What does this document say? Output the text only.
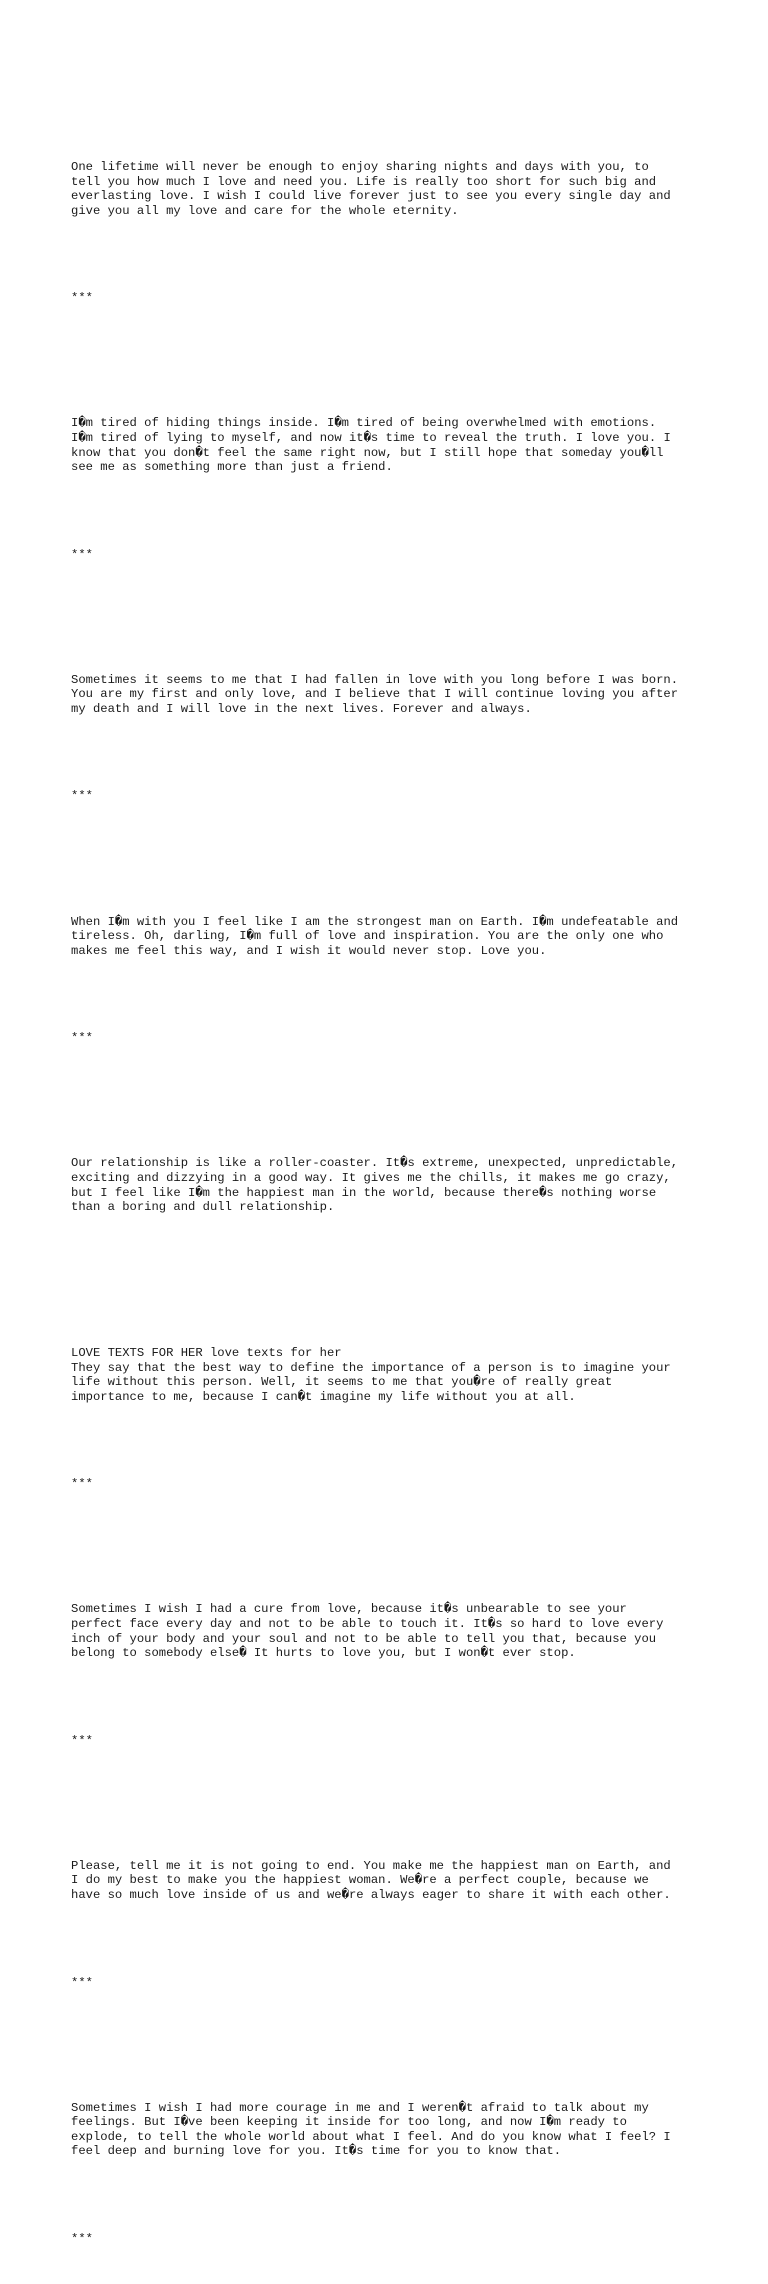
One lifetime will never be enough to enjoy sharing nights and days with you, to
tell you how much I love and need you. Life is really too short for such big and
everlasting love. I wish I could live forever just to see you every single day and
give you all my love and care for the whole eternity.

***

I�m tired of hiding things inside. I�m tired of being overwhelmed with emotions.
I�m tired of lying to myself, and now it�s time to reveal the truth. I love you. I
know that you don�t feel the same right now, but I still hope that someday you�ll
see me as something more than just a friend.

***

Sometimes it seems to me that I had fallen in love with you long before I was born.
You are my first and only love, and I believe that I will continue loving you after
my death and I will love in the next lives. Forever and always.

***

When I�m with you I feel like I am the strongest man on Earth. I�m undefeatable and
tireless. Oh, darling, I�m full of love and inspiration. You are the only one who
makes me feel this way, and I wish it would never stop. Love you.

***

Our relationship is like a roller-coaster. It�s extreme, unexpected, unpredictable,
exciting and dizzying in a good way. It gives me the chills, it makes me go crazy,
but I feel like I�m the happiest man in the world, because there�s nothing worse
than a boring and dull relationship.

LOVE TEXTS FOR HER love texts for her
They say that the best way to define the importance of a person is to imagine your
life without this person. Well, it seems to me that you�re of really great
importance to me, because I can�t imagine my life without you at all.

***

Sometimes I wish I had a cure from love, because it�s unbearable to see your
perfect face every day and not to be able to touch it. It�s so hard to love every
inch of your body and your soul and not to be able to tell you that, because you
belong to somebody else� It hurts to love you, but I won�t ever stop.

***

Please, tell me it is not going to end. You make me the happiest man on Earth, and
I do my best to make you the happiest woman. We�re a perfect couple, because we
have so much love inside of us and we�re always eager to share it with each other.

***

Sometimes I wish I had more courage in me and I weren�t afraid to talk about my
feelings. But I�ve been keeping it inside for too long, and now I�m ready to
explode, to tell the whole world about what I feel. And do you know what I feel? I
feel deep and burning love for you. It�s time for you to know that.

***
